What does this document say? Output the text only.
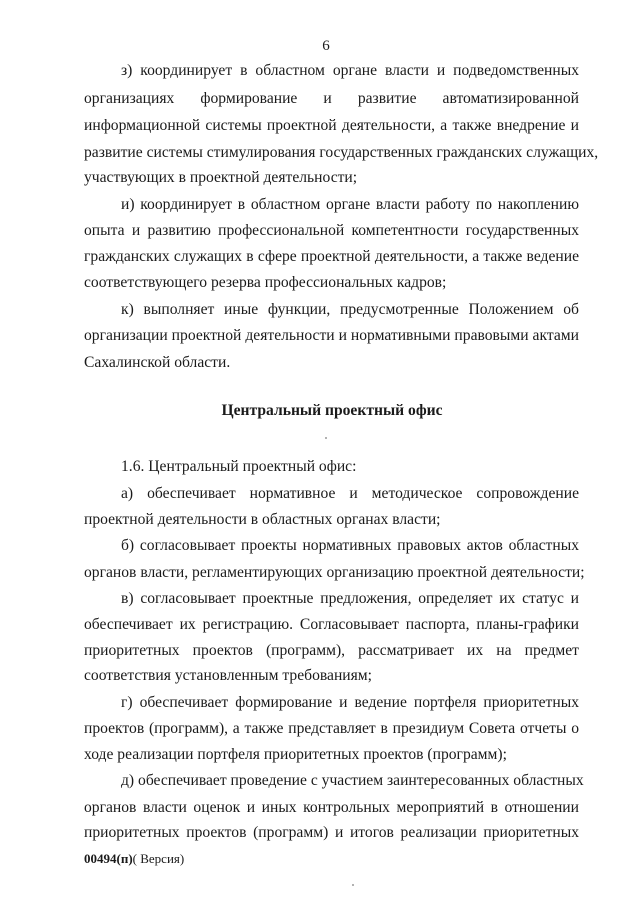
6
з) координирует в областном органе власти и подведомственных
организациях формирование и развитие автоматизированной
информационной системы проектной деятельности, а также внедрение и
развитие системы стимулирования государственных гражданских служащих,
участвующих в проектной деятельности;
и) координирует в областном органе власти работу по накоплению
опыта и развитию профессиональной компетентности государственных
гражданских служащих в сфере проектной деятельности, а также ведение
соответствующего резерва профессиональных кадров;
к) выполняет иные функции, предусмотренные Положением об
организации проектной деятельности и нормативными правовыми актами
Сахалинской области.
Центральный проектный офис
1.6. Центральный проектный офис:
а) обеспечивает нормативное и методическое сопровождение
проектной деятельности в областных органах власти;
б) согласовывает проекты нормативных правовых актов областных
органов власти, регламентирующих организацию проектной деятельности;
в) согласовывает проектные предложения, определяет их статус и
обеспечивает их регистрацию. Согласовывает паспорта, планы-графики
приоритетных проектов (программ), рассматривает их на предмет
соответствия установленным требованиям;
г) обеспечивает формирование и ведение портфеля приоритетных
проектов (программ), а также представляет в президиум Совета отчеты о
ходе реализации портфеля приоритетных проектов (программ);
д) обеспечивает проведение с участием заинтересованных областных
органов власти оценок и иных контрольных мероприятий в отношении
приоритетных проектов (программ) и итогов реализации приоритетных
00494(п)( Версия)
